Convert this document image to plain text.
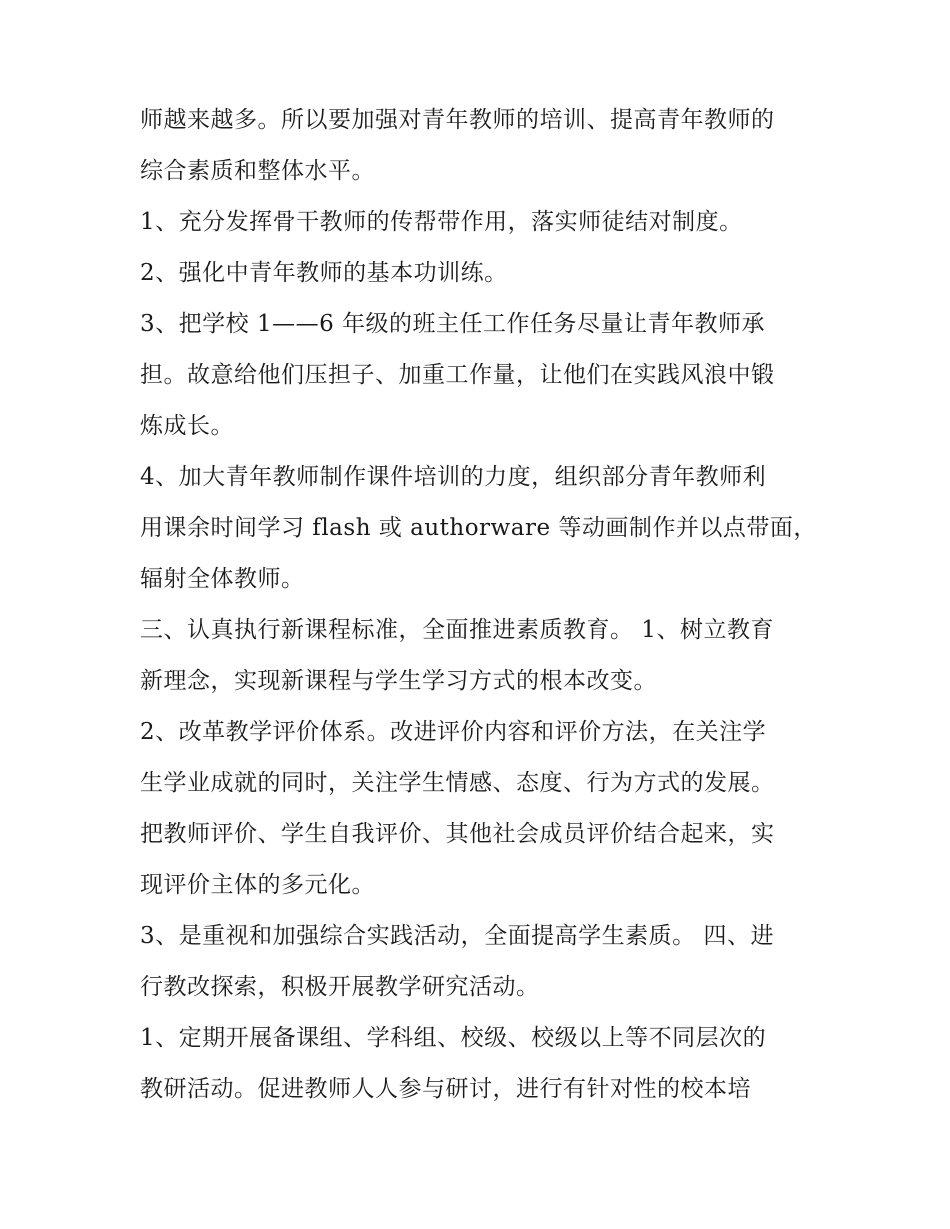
师越来越多。所以要加强对青年教师的培训、提高青年教师的
综合素质和整体水平。
1、充分发挥骨干教师的传帮带作用，落实师徒结对制度。
2、强化中青年教师的基本功训练。
3、把学校 1——6 年级的班主任工作任务尽量让青年教师承
担。故意给他们压担子、加重工作量，让他们在实践风浪中锻
炼成长。
4、加大青年教师制作课件培训的力度，组织部分青年教师利
用课余时间学习 flash 或 authorware 等动画制作并以点带面，
辐射全体教师。
三、认真执行新课程标准，全面推进素质教育。 1、树立教育
新理念，实现新课程与学生学习方式的根本改变。
2、改革教学评价体系。改进评价内容和评价方法，在关注学
生学业成就的同时，关注学生情感、态度、行为方式的发展。
把教师评价、学生自我评价、其他社会成员评价结合起来，实
现评价主体的多元化。
3、是重视和加强综合实践活动，全面提高学生素质。 四、进
行教改探索，积极开展教学研究活动。
1、定期开展备课组、学科组、校级、校级以上等不同层次的
教研活动。促进教师人人参与研讨，进行有针对性的校本培
